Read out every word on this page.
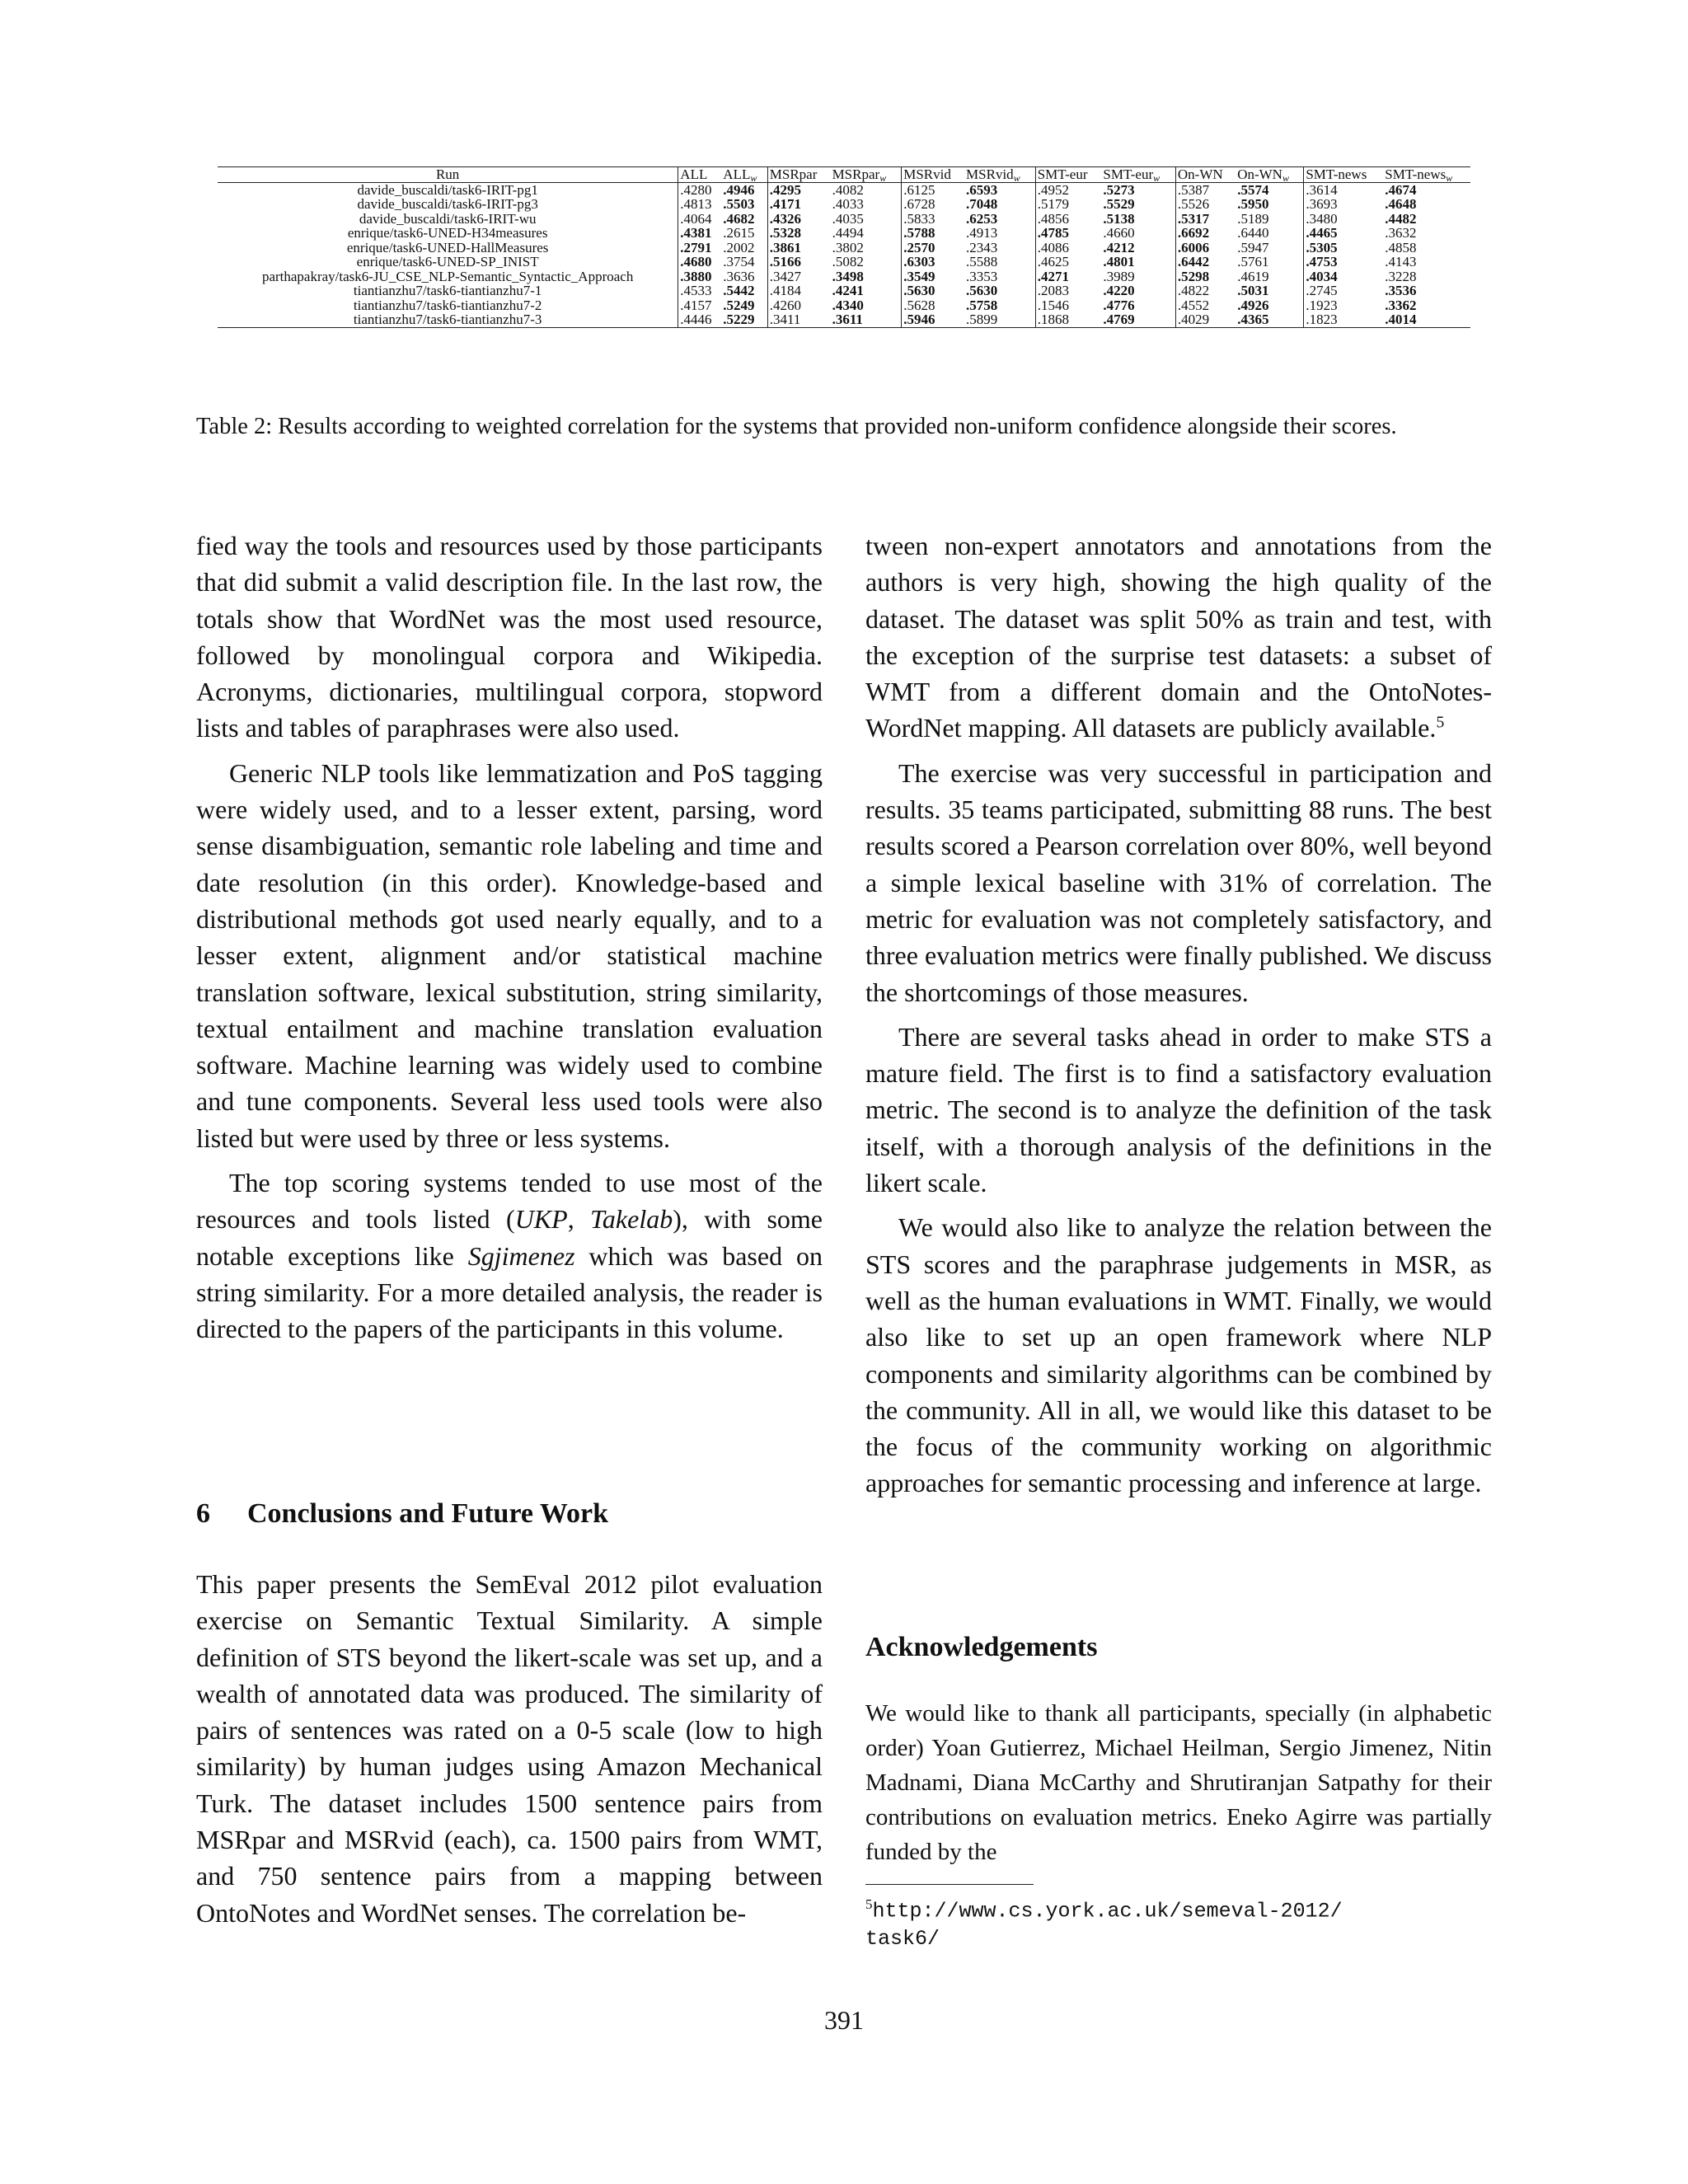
Run	ALL	$ALL_w$	MSRpar	MSRpar$_w$	MSRvid	MSRvid$_w$	SMT-eur	SMT-eur$_w$	On-WN	$On-WN_w$	SMT-news	SMT-news$_w$
davide_buscaldi/task6-IRIT-pg1	.4280	.4946	.4295	.4082	.6125	.6593	.4952	.5273	.5387	.5574	.3614	.4674
davide_buscaldi/task6-IRIT-pg3	.4813	.5503	.4171	.4033	.6728	.7048	.5179	.5529	.5526	.5950	.3693	.4648
davide_buscaldi/task6-IRIT-wu	.4064	.4682	.4326	.4035	.5833	.6253	.4856	.5138	.5317	.5189	.3480	.4482
enrique/task6-UNED-H34measures	.4381	.2615	.5328	.4494	.5788	.4913	.4785	.4660	.6692	.6440	.4465	.3632
enrique/task6-UNED-HallMeasures	.2791	.2002	.3861	.3802	.2570	.2343	.4086	.4212	.6006	.5947	.5305	.4858
enrique/task6-UNED-SP_INIST	.4680	.3754	.5166	.5082	.6303	.5588	.4625	.4801	.6442	.5761	.4753	.4143
parthapakray/task6-JU_CSE_NLP-Semantic_Syntactic_Approach	.3880	.3636	.3427	.3498	.3549	.3353	.4271	.3989	.5298	.4619	.4034	.3228
tiantianzhu7/task6-tiantianzhu7-1	.4533	.5442	.4184	.4241	.5630	.5630	.2083	.4220	.4822	.5031	.2745	.3536
tiantianzhu7/task6-tiantianzhu7-2	.4157	.5249	.4260	.4340	.5628	.5758	.1546	.4776	.4552	.4926	.1923	.3362
tiantianzhu7/task6-tiantianzhu7-3	.4446	.5229	.3411	.3611	.5946	.5899	.1868	.4769	.4029	.4365	.1823	.4014

Table 2: Results according to weighted correlation for the systems that provided non-uniform confidence alongside their scores.

fied way the tools and resources used by those participants that did submit a valid description file. In the last row, the totals show that WordNet was the most used resource, followed by monolingual corpora and Wikipedia. Acronyms, dictionaries, multilingual corpora, stopword lists and tables of paraphrases were also used.

Generic NLP tools like lemmatization and PoS tagging were widely used, and to a lesser extent, parsing, word sense disambiguation, semantic role labeling and time and date resolution (in this order). Knowledge-based and distributional methods got used nearly equally, and to a lesser extent, alignment and/or statistical machine translation software, lexical substitution, string similarity, textual entailment and machine translation evaluation software. Machine learning was widely used to combine and tune components. Several less used tools were also listed but were used by three or less systems.

The top scoring systems tended to use most of the resources and tools listed (UKP, Takelab), with some notable exceptions like Sgjimenez which was based on string similarity. For a more detailed analysis, the reader is directed to the papers of the participants in this volume.

6 Conclusions and Future Work

This paper presents the SemEval 2012 pilot evaluation exercise on Semantic Textual Similarity. A simple definition of STS beyond the likert-scale was set up, and a wealth of annotated data was produced. The similarity of pairs of sentences was rated on a 0-5 scale (low to high similarity) by human judges using Amazon Mechanical Turk. The dataset includes 1500 sentence pairs from MSRpar and MSRvid (each), ca. 1500 pairs from WMT, and 750 sentence pairs from a mapping between OntoNotes and WordNet senses. The correlation be-

tween non-expert annotators and annotations from the authors is very high, showing the high quality of the dataset. The dataset was split 50% as train and test, with the exception of the surprise test datasets: a subset of WMT from a different domain and the OntoNotes-WordNet mapping. All datasets are publicly available.$^5$

The exercise was very successful in participation and results. 35 teams participated, submitting 88 runs. The best results scored a Pearson correlation over 80%, well beyond a simple lexical baseline with 31% of correlation. The metric for evaluation was not completely satisfactory, and three evaluation metrics were finally published. We discuss the shortcomings of those measures.

There are several tasks ahead in order to make STS a mature field. The first is to find a satisfactory evaluation metric. The second is to analyze the definition of the task itself, with a thorough analysis of the definitions in the likert scale.

We would also like to analyze the relation between the STS scores and the paraphrase judgements in MSR, as well as the human evaluations in WMT. Finally, we would also like to set up an open framework where NLP components and similarity algorithms can be combined by the community. All in all, we would like this dataset to be the focus of the community working on algorithmic approaches for semantic processing and inference at large.

Acknowledgements

We would like to thank all participants, specially (in alphabetic order) Yoan Gutierrez, Michael Heilman, Sergio Jimenez, Nitin Madnami, Diana McCarthy and Shrutiranjan Satpathy for their contributions on evaluation metrics. Eneko Agirre was partially funded by the

$^5$http://www.cs.york.ac.uk/semeval-2012/
task6/

391
